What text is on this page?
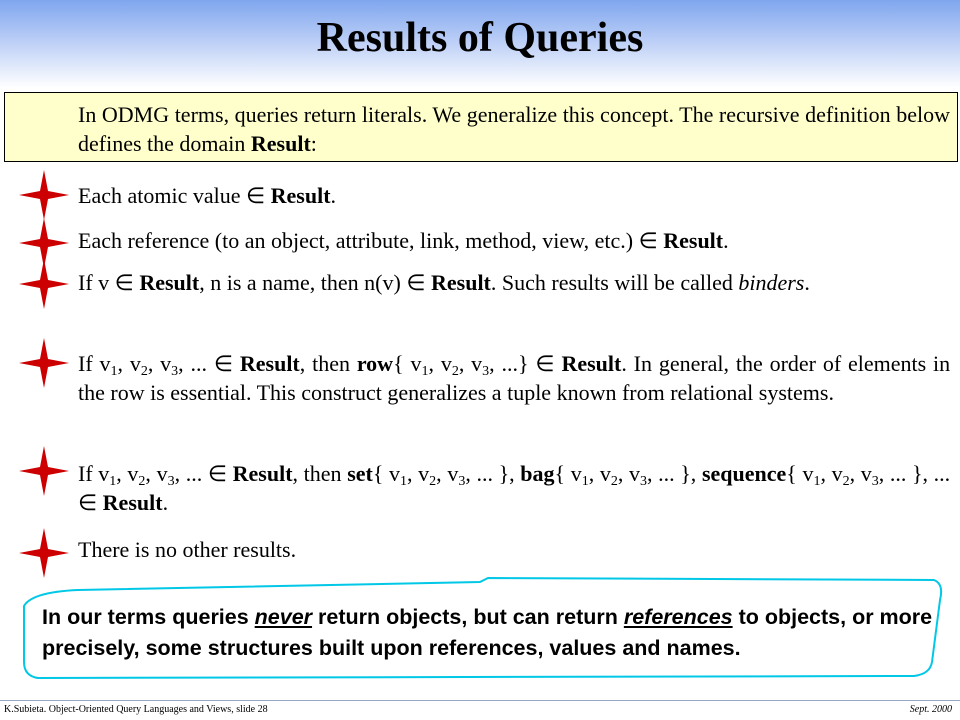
Results of Queries
In ODMG terms, queries return literals. We generalize this concept. The recursive definition below defines the domain Result:
Each atomic value ∈ Result.
Each reference (to an object, attribute, link, method, view, etc.) ∈ Result.
If v ∈ Result, n is a name, then n(v) ∈ Result. Such results will be called binders.
If $v_1$, $v_2$, $v_3$, ... ∈ Result, then row{ $v_1$, $v_2$, $v_3$, ...} ∈ Result. In general, the order of elements in the row is essential. This construct generalizes a tuple known from relational systems.
If $v_1$, $v_2$, $v_3$, ... ∈ Result, then set{ $v_1$, $v_2$, $v_3$, ... }, bag{ $v_1$, $v_2$, $v_3$, ... }, sequence{ $v_1$, $v_2$, $v_3$, ... }, ... ∈ Result.
There is no other results.
In our terms queries never return objects, but can return references to objects, or more precisely, some structures built upon references, values and names.
K.Subieta. Object-Oriented Query Languages and Views, slide 28	Sept. 2000
